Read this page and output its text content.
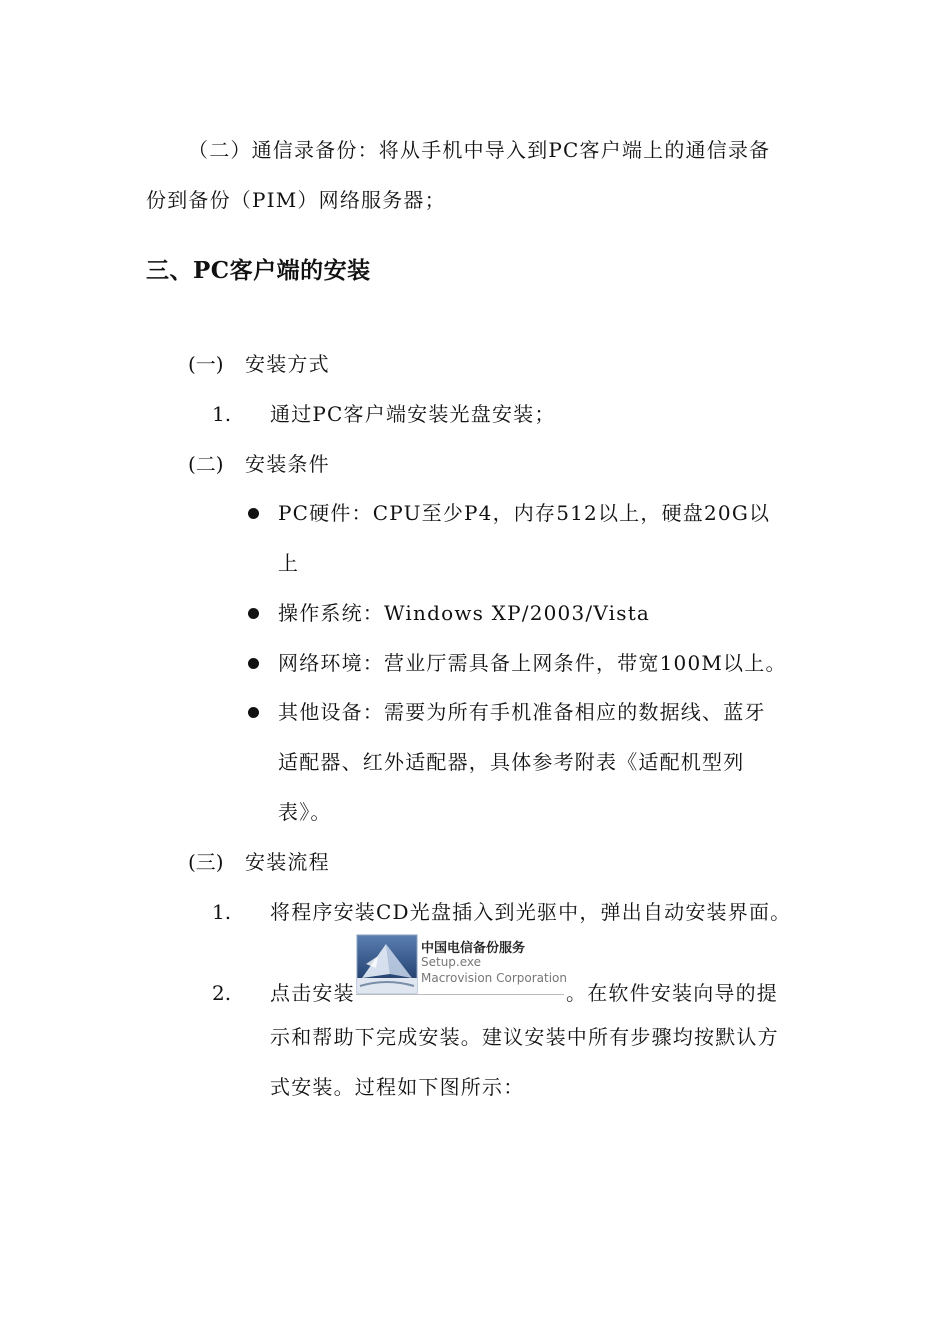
（二）通信录备份：将从手机中导入到PC客户端上的通信录备
份到备份（PIM）网络服务器；
三、PC客户端的安装
(一) 安装方式
1. 通过PC客户端安装光盘安装；
(二) 安装条件
PC硬件：CPU至少P4，内存512以上，硬盘20G以
上
操作系统：Windows XP/2003/Vista
网络环境：营业厅需具备上网条件，带宽100M以上。
其他设备：需要为所有手机准备相应的数据线、蓝牙
适配器、红外适配器，具体参考附表《适配机型列
表》。
(三) 安装流程
1. 将程序安装CD光盘插入到光驱中，弹出自动安装界面。
2. 点击安装
中国电信备份服务
Setup.exe
Macrovision Corporation
。在软件安装向导的提
示和帮助下完成安装。建议安装中所有步骤均按默认方
式安装。过程如下图所示：
